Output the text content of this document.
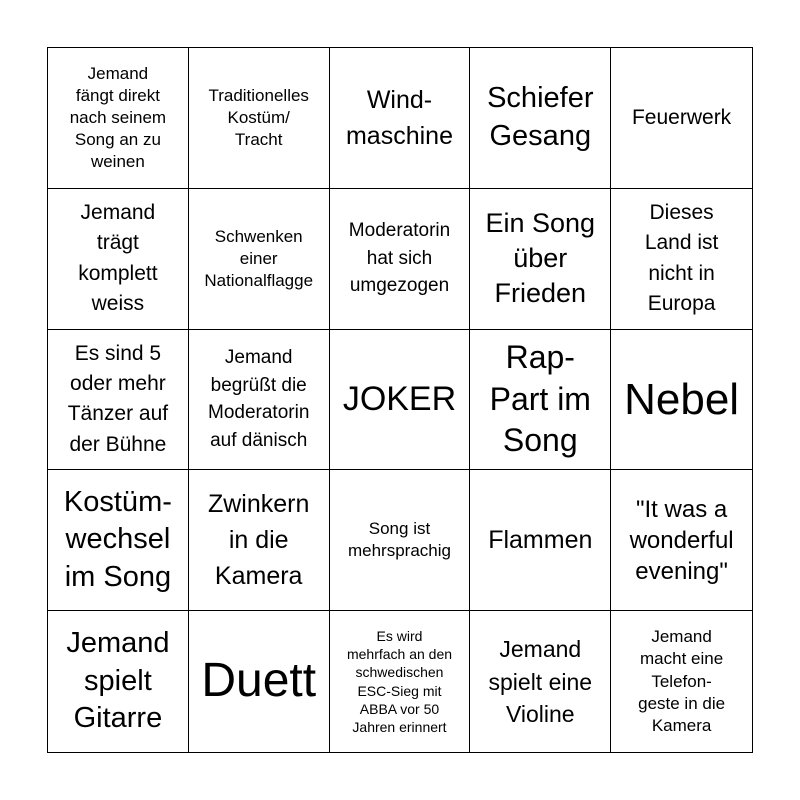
Jemand
fängt direkt
nach seinem
Song an zu
weinen
Traditionelles
Kostüm/
Tracht
Wind-
maschine
Schiefer
Gesang
Feuerwerk
Jemand
trägt
komplett
weiss
Schwenken
einer
Nationalflagge
Moderatorin
hat sich
umgezogen
Ein Song
über
Frieden
Dieses
Land ist
nicht in
Europa
Es sind 5
oder mehr
Tänzer auf
der Bühne
Jemand
begrüßt die
Moderatorin
auf dänisch
JOKER
Rap-
Part im
Song
Nebel
Kostüm-
wechsel
im Song
Zwinkern
in die
Kamera
Song ist
mehrsprachig Flammen
"It was a
wonderful
evening"
Jemand
spielt
Gitarre
Duett
Es wird
mehrfach an den
schwedischen
ESC-Sieg mit
ABBA vor 50
Jahren erinnert
Jemand
spielt eine
Violine
Jemand
macht eine
Telefon-
geste in die
Kamera
